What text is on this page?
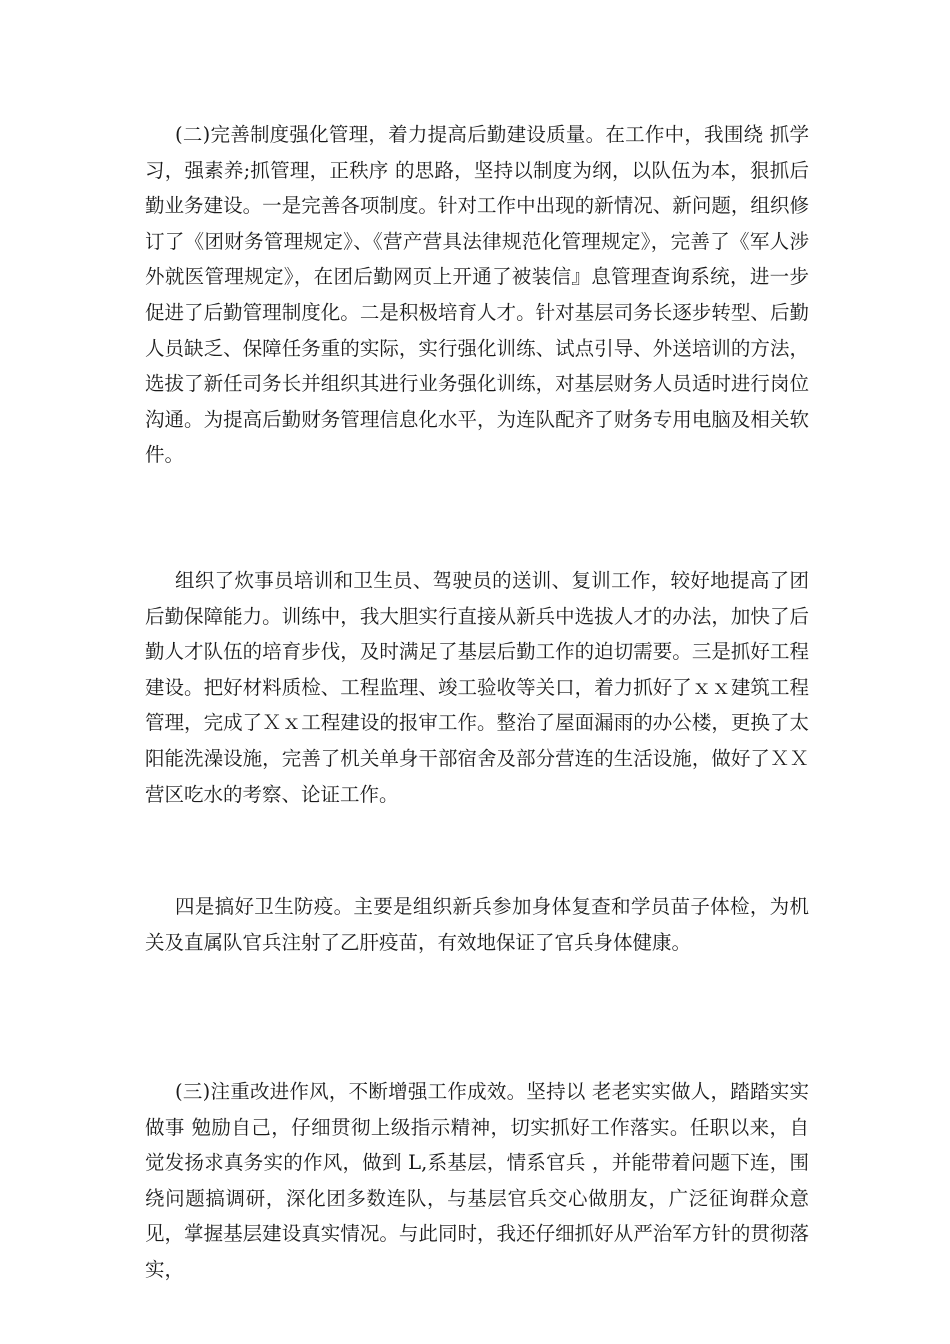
(二)完善制度强化管理，着力提高后勤建设质量。在工作中，我围绕 抓学习，强素养;抓管理，正秩序 的思路，坚持以制度为纲，以队伍为本，狠抓后勤业务建设。一是完善各项制度。针对工作中出现的新情况、新问题，组织修订了《团财务管理规定》、《营产营具法律规范化管理规定》，完善了《军人涉外就医管理规定》，在团后勤网页上开通了被装信』息管理查询系统，进一步促进了后勤管理制度化。二是积极培育人才。针对基层司务长逐步转型、后勤人员缺乏、保障任务重的实际，实行强化训练、试点引导、外送培训的方法，选拔了新任司务长并组织其进行业务强化训练，对基层财务人员适时进行岗位沟通。为提高后勤财务管理信息化水平，为连队配齐了财务专用电脑及相关软件。

组织了炊事员培训和卫生员、驾驶员的送训、复训工作，较好地提高了团后勤保障能力。训练中，我大胆实行直接从新兵中选拔人才的办法，加快了后勤人才队伍的培育步伐，及时满足了基层后勤工作的迫切需要。三是抓好工程建设。把好材料质检、工程监理、竣工验收等关口，着力抓好了ｘｘ建筑工程管理，完成了Ｘｘ工程建设的报审工作。整治了屋面漏雨的办公楼，更换了太阳能洗澡设施，完善了机关单身干部宿舍及部分营连的生活设施，做好了ＸＸ营区吃水的考察、论证工作。

四是搞好卫生防疫。主要是组织新兵参加身体复查和学员苗子体检，为机关及直属队官兵注射了乙肝疫苗，有效地保证了官兵身体健康。

(三)注重改进作风，不断增强工作成效。坚持以 老老实实做人，踏踏实实做事 勉励自己，仔细贯彻上级指示精神，切实抓好工作落实。任职以来，自觉发扬求真务实的作风，做到 L,系基层，情系官兵 ，并能带着问题下连，围绕问题搞调研，深化团多数连队，与基层官兵交心做朋友，广泛征询群众意见，掌握基层建设真实情况。与此同时，我还仔细抓好从严治军方针的贯彻落实，
